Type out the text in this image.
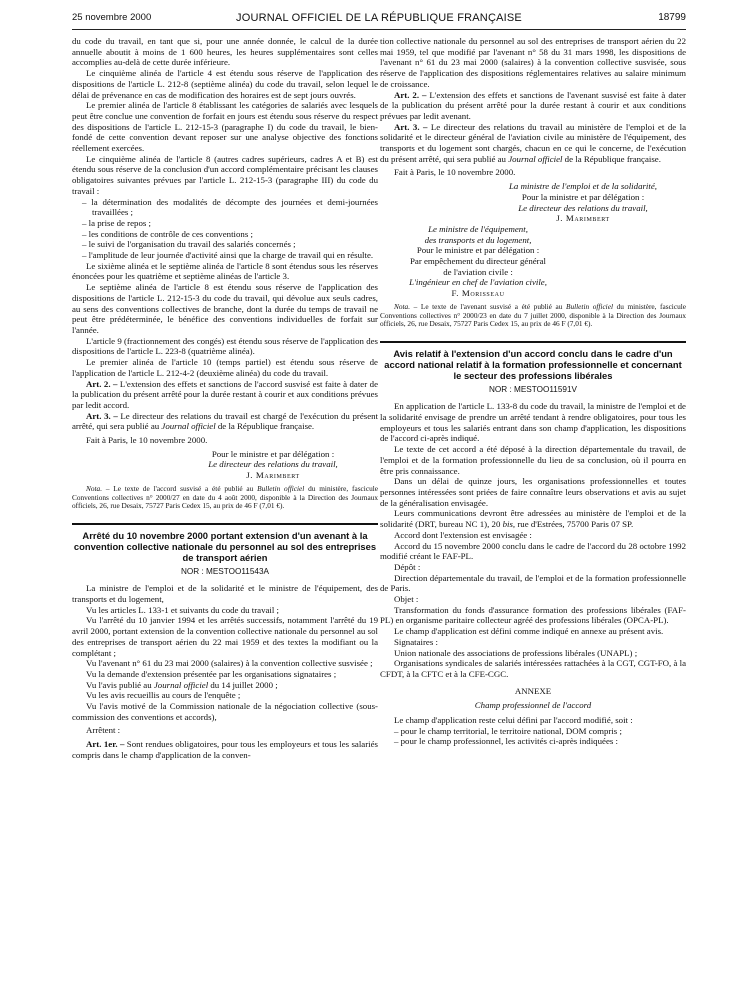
25 novembre 2000	JOURNAL OFFICIEL DE LA RÉPUBLIQUE FRANÇAISE	18799

du code du travail, en tant que si, pour une année donnée, le calcul de la durée annuelle aboutit à moins de 1 600 heures, les heures supplémentaires sont celles accomplies au-delà de cette durée inférieure.

Le cinquième alinéa de l'article 4 est étendu sous réserve de l'application des dispositions de l'article L. 212-8 (septième alinéa) du code du travail, selon lequel le délai de prévenance en cas de modification des horaires est de sept jours ouvrés.

Le premier alinéa de l'article 8 établissant les catégories de salariés avec lesquels peut être conclue une convention de forfait en jours est étendu sous réserve du respect des dispositions de l'article L. 212-15-3 (paragraphe I) du code du travail, le bien-fondé de cette convention devant reposer sur une analyse objective des fonctions réellement exercées.

Le cinquième alinéa de l'article 8 (autres cadres supérieurs, cadres A et B) est étendu sous réserve de la conclusion d'un accord complémentaire précisant les clauses obligatoires suivantes prévues par l'article L. 212-15-3 (paragraphe III) du code du travail :

– la détermination des modalités de décompte des journées et demi-journées travaillées ;

– la prise de repos ;

– les conditions de contrôle de ces conventions ;

– le suivi de l'organisation du travail des salariés concernés ;

– l'amplitude de leur journée d'activité ainsi que la charge de travail qui en résulte.

Le sixième alinéa et le septième alinéa de l'article 8 sont étendus sous les réserves énoncées pour les quatrième et septième alinéas de l'article 3.

Le septième alinéa de l'article 8 est étendu sous réserve de l'application des dispositions de l'article L. 212-15-3 du code du travail, qui dévolue aux seuls cadres, au sens des conventions collectives de branche, dont la durée du temps de travail ne peut être prédéterminée, le bénéfice des conventions individuelles de forfait sur l'année.

L'article 9 (fractionnement des congés) est étendu sous réserve de l'application des dispositions de l'article L. 223-8 (quatrième alinéa).

Le premier alinéa de l'article 10 (temps partiel) est étendu sous réserve de l'application de l'article L. 212-4-2 (deuxième alinéa) du code du travail.

Art. 2. – L'extension des effets et sanctions de l'accord susvisé est faite à dater de la publication du présent arrêté pour la durée restant à courir et aux conditions prévues par ledit accord.

Art. 3. – Le directeur des relations du travail est chargé de l'exécution du présent arrêté, qui sera publié au Journal officiel de la République française.

Fait à Paris, le 10 novembre 2000.

Pour le ministre et par délégation :

Le directeur des relations du travail,

J. Marimbert

Nota. – Le texte de l'accord susvisé a été publié au Bulletin officiel du ministère, fascicule Conventions collectives n° 2000/27 en date du 4 août 2000, disponible à la Direction des Journaux officiels, 26, rue Desaix, 75727 Paris Cedex 15, au prix de 46 F (7,01 €).

Arrêté du 10 novembre 2000 portant extension d'un avenant à la convention collective nationale du personnel au sol des entreprises de transport aérien

NOR : MESTOO11543A

La ministre de l'emploi et de la solidarité et le ministre de l'équipement, des transports et du logement,

Vu les articles L. 133-1 et suivants du code du travail ;

Vu l'arrêté du 10 janvier 1994 et les arrêtés successifs, notamment l'arrêté du 19 avril 2000, portant extension de la convention collective nationale du personnel au sol des entreprises de transport aérien du 22 mai 1959 et des textes la modifiant ou la complétant ;

Vu l'avenant n° 61 du 23 mai 2000 (salaires) à la convention collective susvisée ;

Vu la demande d'extension présentée par les organisations signataires ;

Vu l'avis publié au Journal officiel du 14 juillet 2000 ;

Vu les avis recueillis au cours de l'enquête ;

Vu l'avis motivé de la Commission nationale de la négociation collective (sous-commission des conventions et accords),

Arrêtent :

Art. 1er. – Sont rendues obligatoires, pour tous les employeurs et tous les salariés compris dans le champ d'application de la conven-

tion collective nationale du personnel au sol des entreprises de transport aérien du 22 mai 1959, tel que modifié par l'avenant n° 58 du 31 mars 1998, les dispositions de l'avenant n° 61 du 23 mai 2000 (salaires) à la convention collective susvisée, sous réserve de l'application des dispositions réglementaires relatives au salaire minimum de croissance.

Art. 2. – L'extension des effets et sanctions de l'avenant susvisé est faite à dater de la publication du présent arrêté pour la durée restant à courir et aux conditions prévues par ledit avenant.

Art. 3. – Le directeur des relations du travail au ministère de l'emploi et de la solidarité et le directeur général de l'aviation civile au ministère de l'équipement, des transports et du logement sont chargés, chacun en ce qui le concerne, de l'exécution du présent arrêté, qui sera publié au Journal officiel de la République française.

Fait à Paris, le 10 novembre 2000.

La ministre de l'emploi et de la solidarité,

Pour la ministre et par délégation :

Le directeur des relations du travail,

J. Marimbert

Le ministre de l'équipement,

des transports et du logement,

Pour le ministre et par délégation :

Par empêchement du directeur général

de l'aviation civile :

L'ingénieur en chef de l'aviation civile,

F. Morisseau

Nota. – Le texte de l'avenant susvisé a été publié au Bulletin officiel du ministère, fascicule Conventions collectives n° 2000/23 en date du 7 juillet 2000, disponible à la Direction des Journaux officiels, 26, rue Desaix, 75727 Paris Cedex 15, au prix de 46 F (7,01 €).

Avis relatif à l'extension d'un accord conclu dans le cadre d'un accord national relatif à la formation professionnelle et concernant le secteur des professions libérales

NOR : MESTOO11591V

En application de l'article L. 133-8 du code du travail, la ministre de l'emploi et de la solidarité envisage de prendre un arrêté tendant à rendre obligatoires, pour tous les employeurs et tous les salariés entrant dans son champ d'application, les dispositions de l'accord ci-après indiqué.

Le texte de cet accord a été déposé à la direction départementale du travail, de l'emploi et de la formation professionnelle du lieu de sa conclusion, où il pourra en être pris connaissance.

Dans un délai de quinze jours, les organisations professionnelles et toutes personnes intéressées sont priées de faire connaître leurs observations et avis au sujet de la généralisation envisagée.

Leurs communications devront être adressées au ministère de l'emploi et de la solidarité (DRT, bureau NC 1), 20 bis, rue d'Estrées, 75700 Paris 07 SP.

Accord dont l'extension est envisagée :

Accord du 15 novembre 2000 conclu dans le cadre de l'accord du 28 octobre 1992 modifié créant le FAF-PL.

Dépôt :

Direction départementale du travail, de l'emploi et de la formation professionnelle de Paris.

Objet :

Transformation du fonds d'assurance formation des professions libérales (FAF-PL) en organisme paritaire collecteur agréé des professions libérales (OPCA-PL).

Le champ d'application est défini comme indiqué en annexe au présent avis.

Signataires :

Union nationale des associations de professions libérales (UNAPL) ;

Organisations syndicales de salariés intéressées rattachées à la CGT, CGT-FO, à la CFDT, à la CFTC et à la CFE-CGC.

ANNEXE

Champ professionnel de l'accord

Le champ d'application reste celui défini par l'accord modifié, soit :

– pour le champ territorial, le territoire national, DOM compris ;

– pour le champ professionnel, les activités ci-après indiquées :
